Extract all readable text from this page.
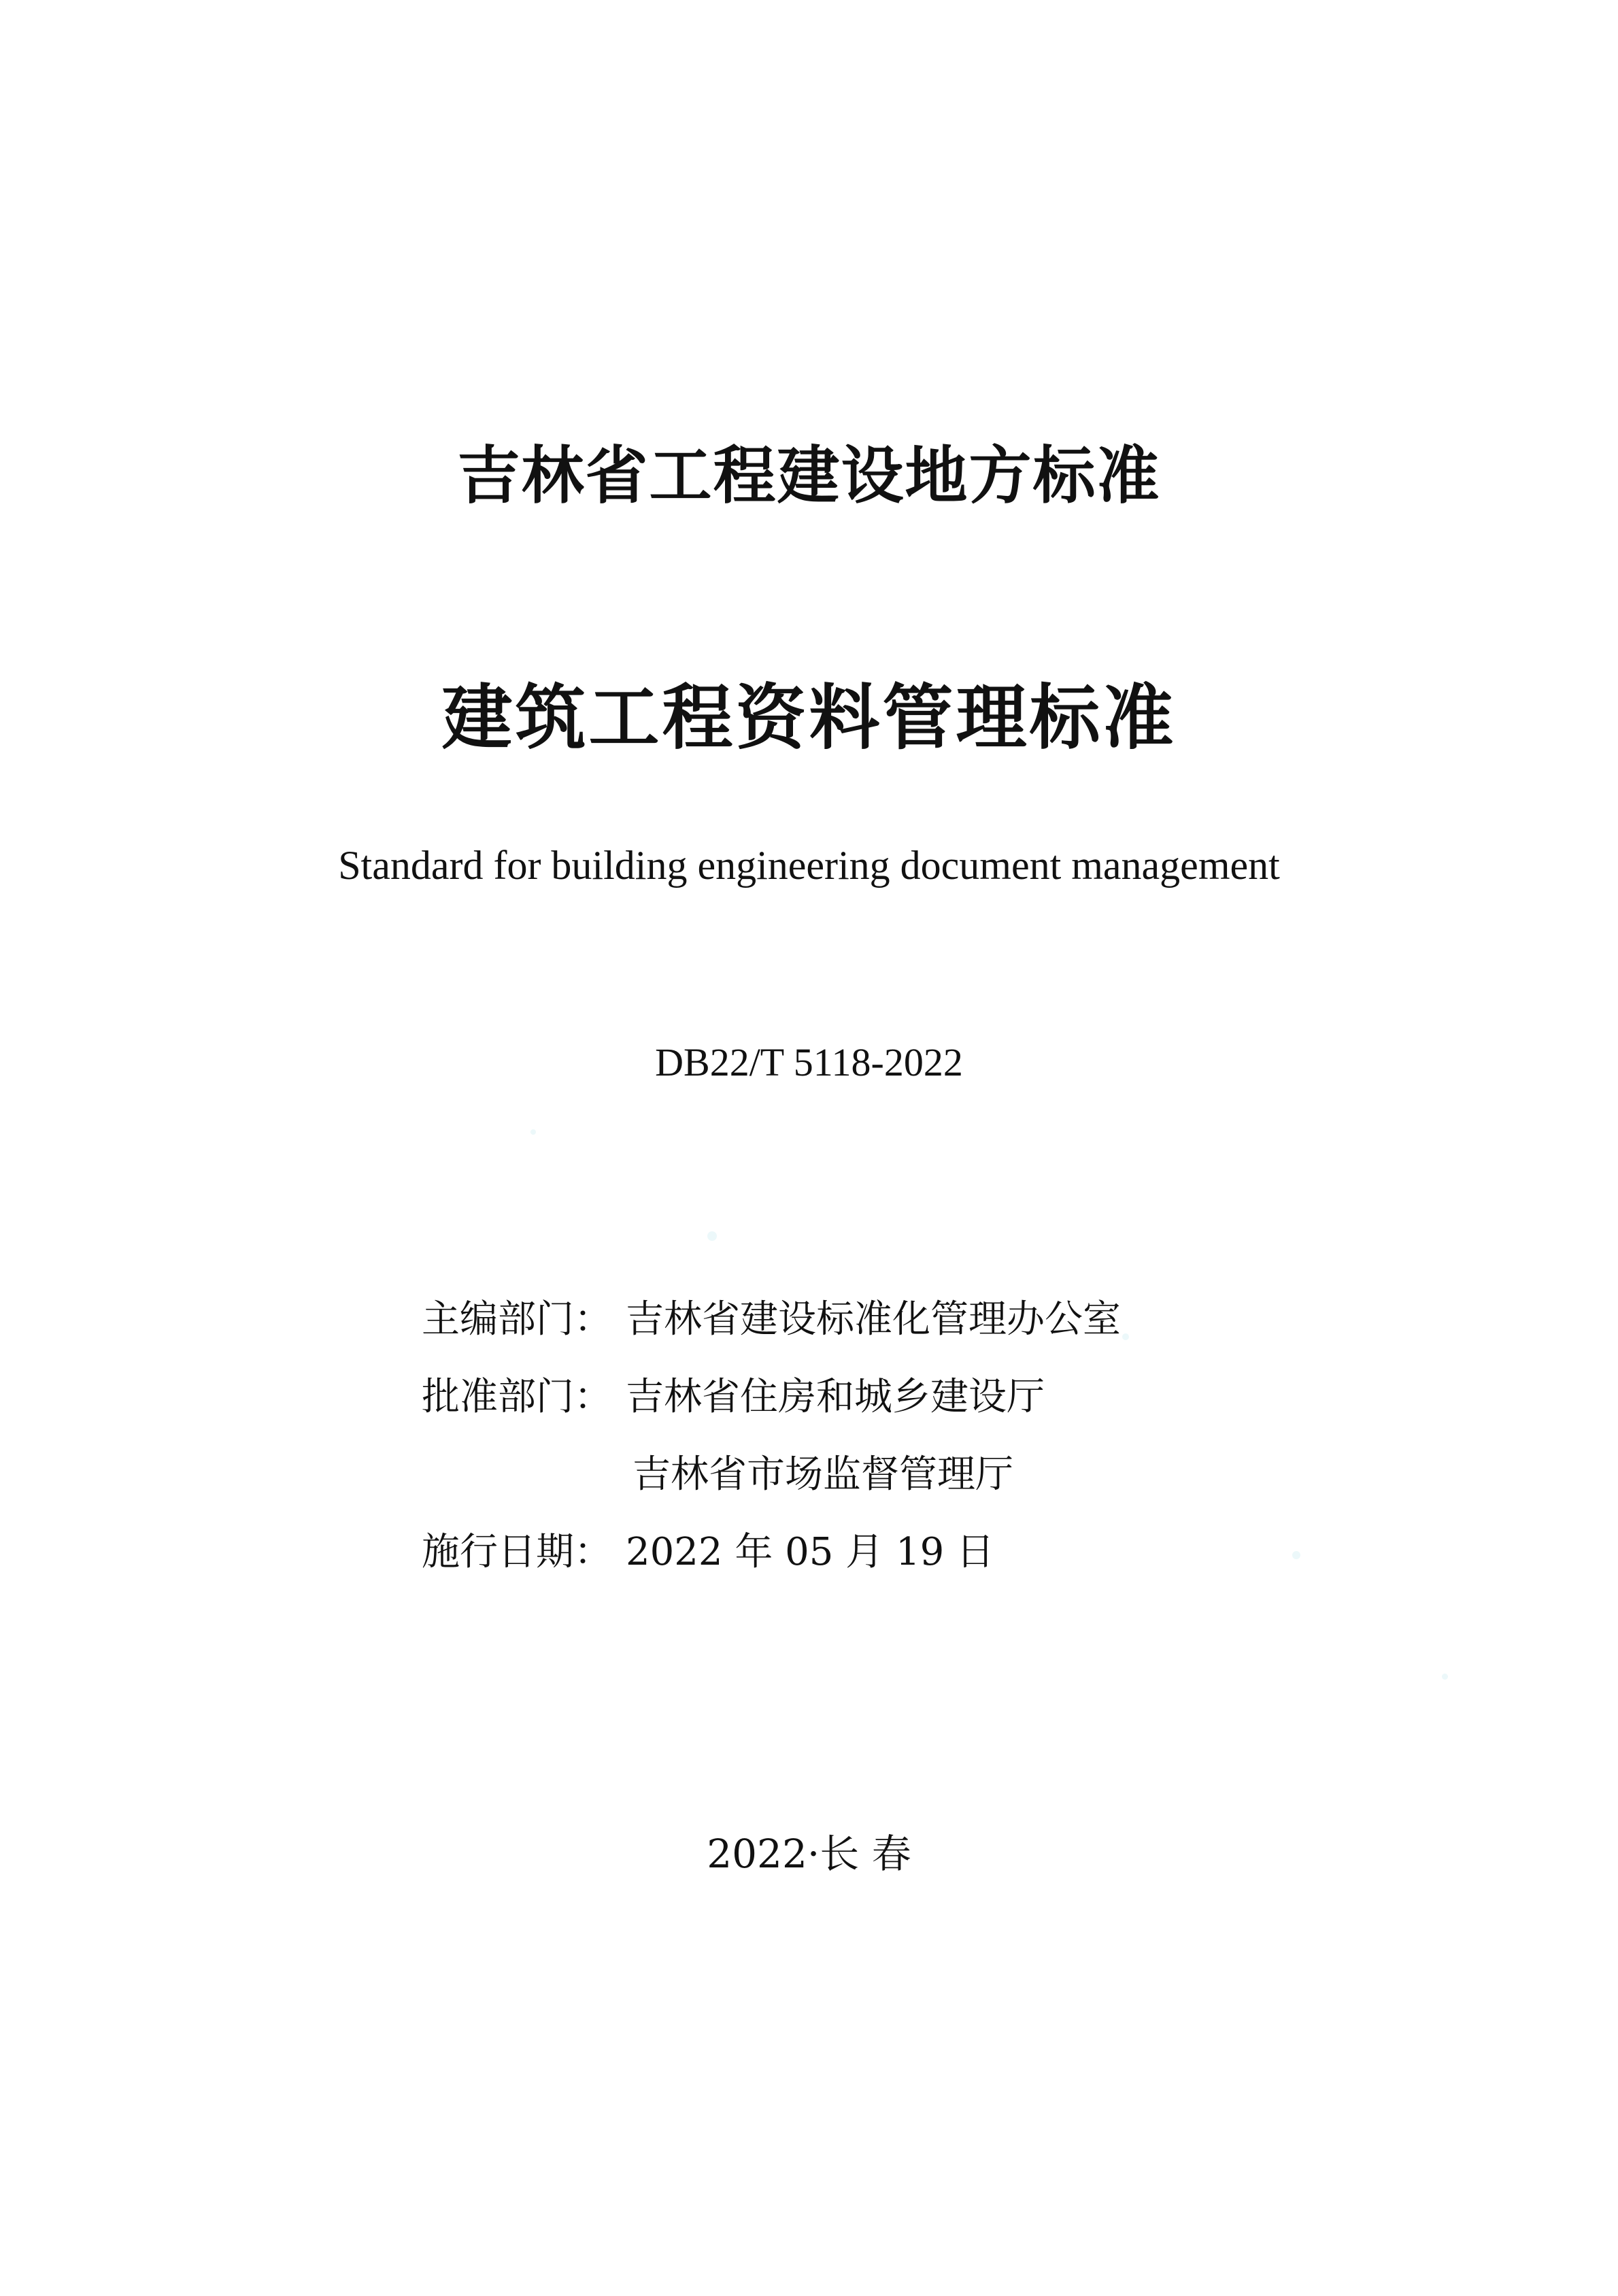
吉林省工程建设地方标准
建筑工程资料管理标准
Standard for building engineering document management
DB22/T 5118-2022
主编部门： 吉林省建设标准化管理办公室
批准部门： 吉林省住房和城乡建设厅
吉林省市场监督管理厅
施行日期： 2022 年 05 月 19 日
2022·长 春
